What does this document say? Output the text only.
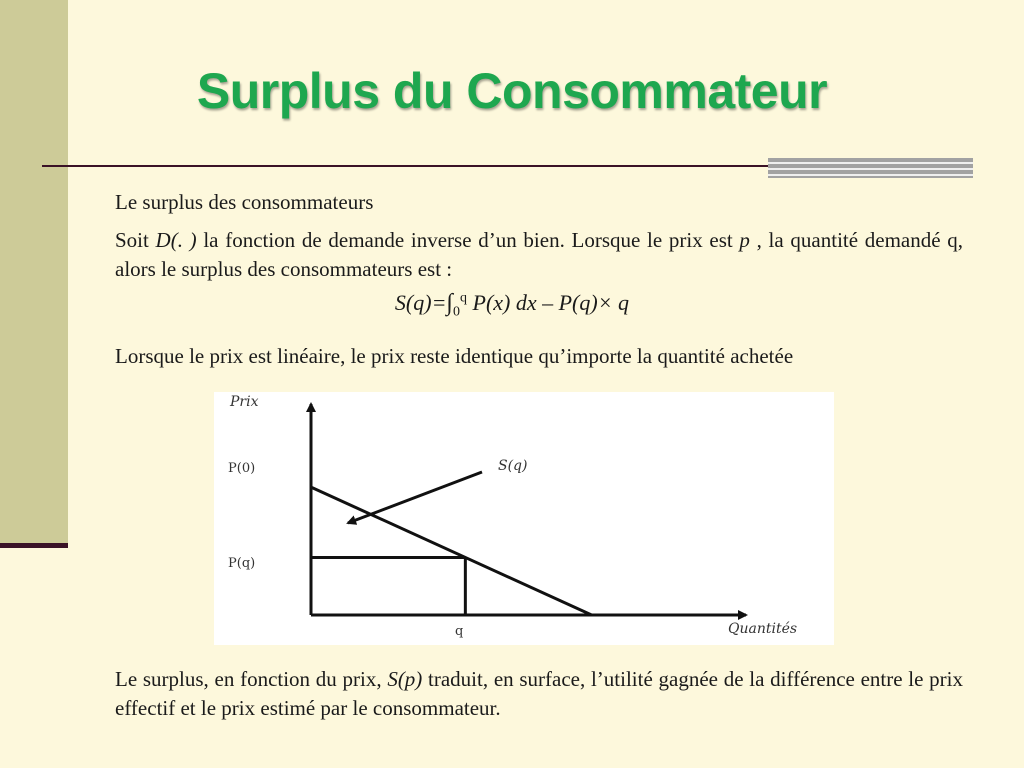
Surplus du Consommateur
Le surplus des consommateurs
Soit D(. ) la fonction de demande inverse d’un bien. Lorsque le prix est p , la quantité demandé q, alors le surplus des consommateurs est :
$S(q)=\int_0^q$ P(x) dx – P(q)× q
Lorsque le prix est linéaire, le prix reste identique qu’importe la quantité achetée
Prix
Quantités
P(0)
P(q)
q
S(q)
Le surplus, en fonction du prix, S(p) traduit, en surface, l’utilité gagnée de la différence entre le prix effectif et le prix estimé par le consommateur.
